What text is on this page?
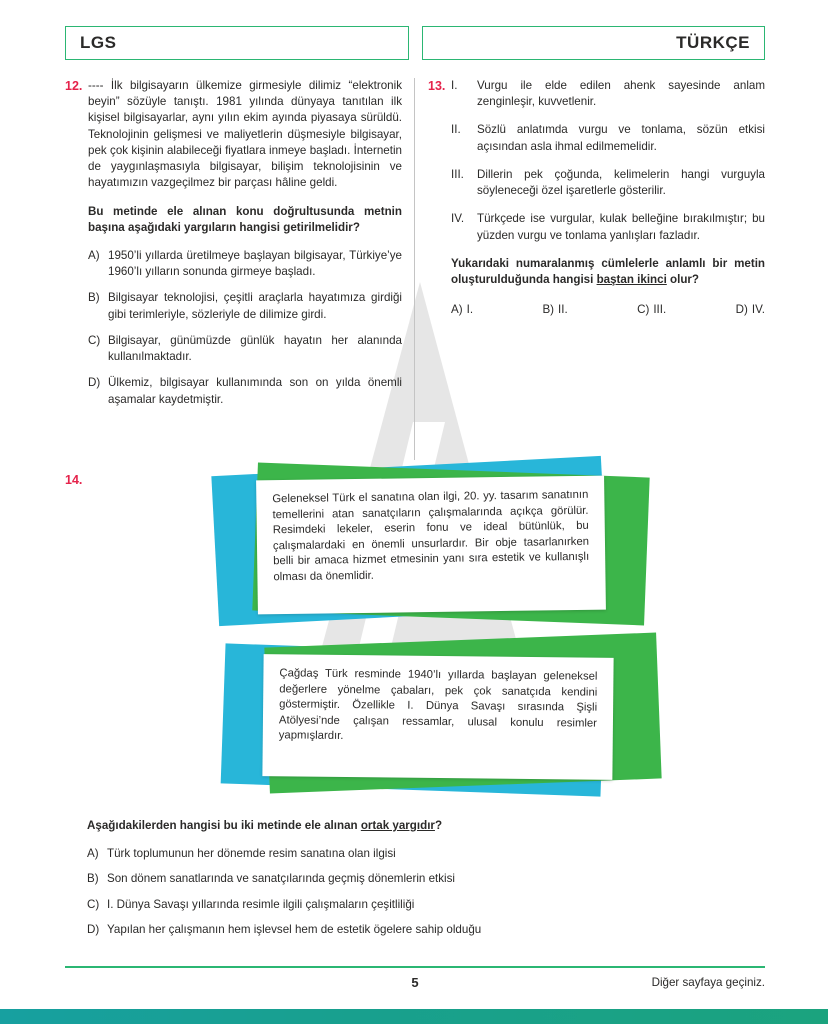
LGS	TÜRKÇE
12. ---- İlk bilgisayarın ülkemize girmesiyle dilimiz “elektronik beyin” sözüyle tanıştı. 1981 yılında dünyaya tanıtılan ilk kişisel bilgisayarlar, aynı yılın ekim ayında piyasaya sürüldü. Teknolojinin gelişmesi ve maliyetlerin düşmesiyle bilgisayar, pek çok kişinin alabileceği fiyatlara inmeye başladı. İnternetin de yaygınlaşmasıyla bilgisayar, bilişim teknolojisinin ve hayatımızın vazgeçilmez bir parçası hâline geldi.

Bu metinde ele alınan konu doğrultusunda metnin başına aşağıdaki yargıların hangisi getirilmelidir?

A) 1950’li yıllarda üretilmeye başlayan bilgisayar, Türkiye’ye 1960’lı yılların sonunda girmeye başladı.
B) Bilgisayar teknolojisi, çeşitli araçlarla hayatımıza girdiği gibi terimleriyle, sözleriyle de dilimize girdi.
C) Bilgisayar, günümüzde günlük hayatın her alanında kullanılmaktadır.
D) Ülkemiz, bilgisayar kullanımında son on yılda önemli aşamalar kaydetmiştir.
13. I.	Vurgu ile elde edilen ahenk sayesinde anlam zenginleşir, kuvvetlenir.
II.	Sözlü anlatımda vurgu ve tonlama, sözün etkisi açısından asla ihmal edilmemelidir.
III.	Dillerin pek çoğunda, kelimelerin hangi vurguyla söyleneceği özel işaretlerle gösterilir.
IV.	Türkçede ise vurgular, kulak belleğine bırakılmıştır; bu yüzden vurgu ve tonlama yanlışları fazladır.

Yukarıdaki numaralanmış cümlelerle anlamlı bir metin oluşturulduğunda hangisi baştan ikinci olur?

A) I.	B) II.	C) III.	D) IV.
14.
Geleneksel Türk el sanatına olan ilgi, 20. yy. tasarım sanatının temellerini atan sanatçıların çalışmalarında açıkça görülür. Resimdeki lekeler, eserin fonu ve ideal bütünlük, bu çalışmalardaki en önemli unsurlardır. Bir obje tasarlanırken belli bir amaca hizmet etmesinin yanı sıra estetik ve kullanışlı olması da önemlidir.
Çağdaş Türk resminde 1940’lı yıllarda başlayan geleneksel değerlere yönelme çabaları, pek çok sanatçıda kendini göstermiştir. Özellikle I. Dünya Savaşı sırasında Şişli Atölyesi’nde çalışan ressamlar, ulusal konulu resimler yapmışlardır.

Aşağıdakilerden hangisi bu iki metinde ele alınan ortak yargıdır?

A) Türk toplumunun her dönemde resim sanatına olan ilgisi
B) Son dönem sanatlarında ve sanatçılarında geçmiş dönemlerin etkisi
C) I. Dünya Savaşı yıllarında resimle ilgili çalışmaların çeşitliliği
D) Yapılan her çalışmanın hem işlevsel hem de estetik ögelere sahip olduğu
5	Diğer sayfaya geçiniz.
